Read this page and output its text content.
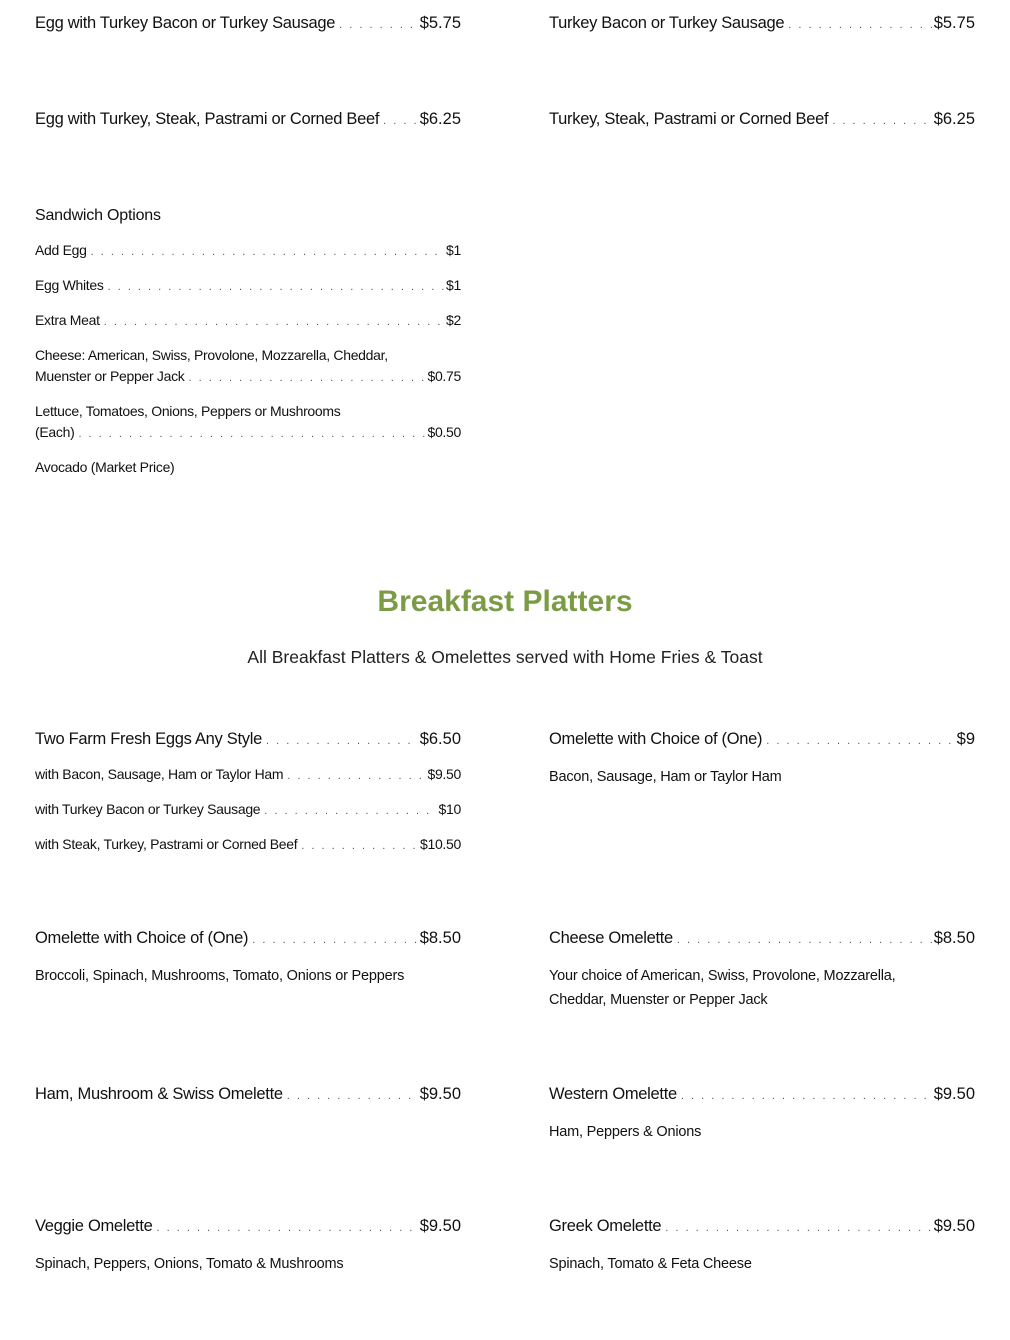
Egg with Turkey Bacon or Turkey Sausage . . .	$5.75	Turkey Bacon or Turkey Sausage . . .	$5.75
Egg with Turkey, Steak, Pastrami or Corned Beef . . . $6.25	Turkey, Steak, Pastrami or Corned Beef . . .	$6.25
Sandwich Options
Add Egg . . .	$1
Egg Whites . . .	$1
Extra Meat . . .	$2
Cheese: American, Swiss, Provolone, Mozzarella, Cheddar,
Muenster or Pepper Jack . . .	$0.75
Lettuce, Tomatoes, Onions, Peppers or Mushrooms
(Each) . . .	$0.50
Avocado (Market Price)
Breakfast Platters
All Breakfast Platters & Omelettes served with Home Fries & Toast
Two Farm Fresh Eggs Any Style . . .	$6.50
with Bacon, Sausage, Ham or Taylor Ham . . .	$9.50
with Turkey Bacon or Turkey Sausage . . .	$10
with Steak, Turkey, Pastrami or Corned Beef . . .	$10.50
Omelette with Choice of (One) . . .	$9
Bacon, Sausage, Ham or Taylor Ham
Omelette with Choice of (One) . . .	$8.50
Broccoli, Spinach, Mushrooms, Tomato, Onions or Peppers
Cheese Omelette . . .	$8.50
Your choice of American, Swiss, Provolone, Mozzarella,
Cheddar, Muenster or Pepper Jack
Ham, Mushroom & Swiss Omelette . . .	$9.50	Western Omelette . . .	$9.50
Ham, Peppers & Onions
Veggie Omelette . . .	$9.50
Spinach, Peppers, Onions, Tomato & Mushrooms
Greek Omelette . . .	$9.50
Spinach, Tomato & Feta Cheese
